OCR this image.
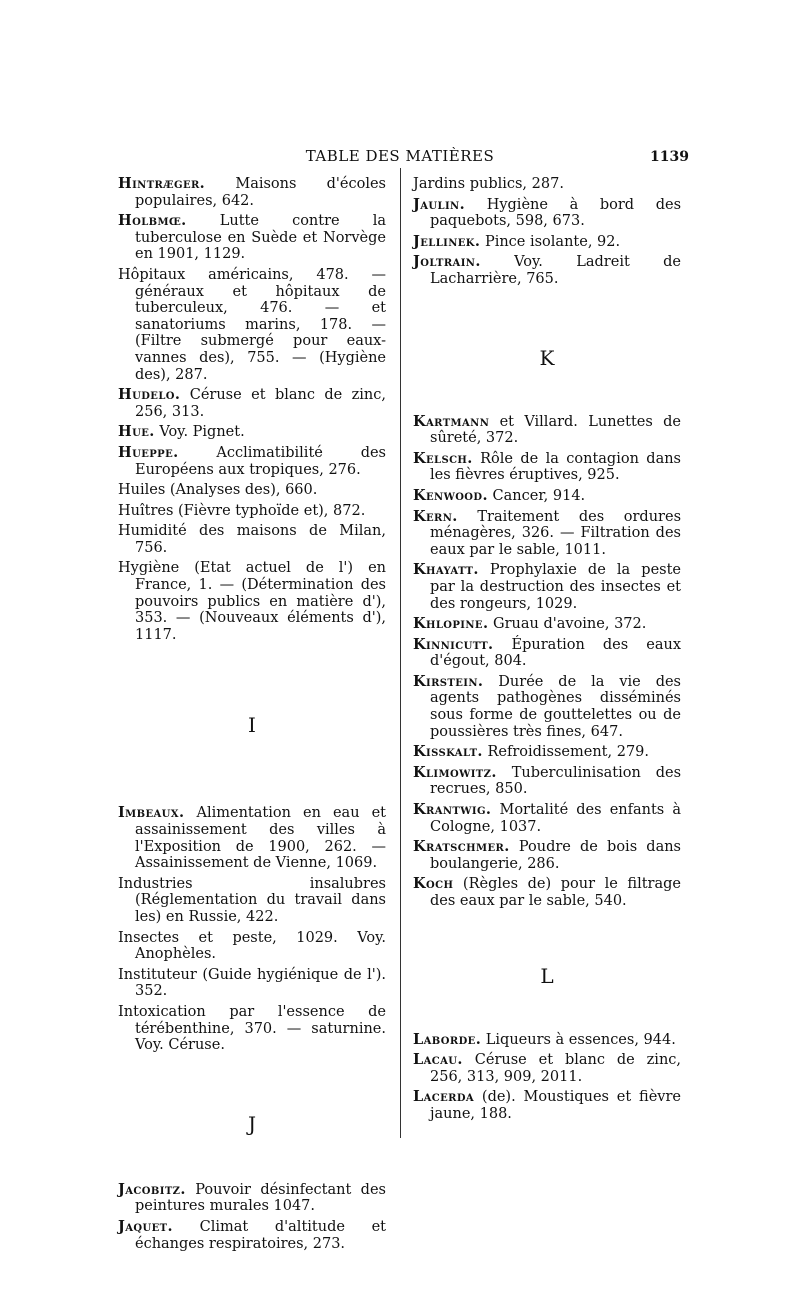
TABLE DES MATIÈRES	1139

Hintræger. Maisons d'écoles populaires, 642.

Holbmœ. Lutte contre la tuberculose en Suède et Norvège en 1901, 1129.

Hôpitaux américains, 478. — généraux et hôpitaux de tuberculeux, 476. — et sanatoriums marins, 178. — (Filtre submergé pour eaux-vannes des), 755. — (Hygiène des), 287.

Hudelo. Céruse et blanc de zinc, 256, 313.

Hue. Voy. Pignet.

Hueppe.	Acclimatibilité des Européens aux tropiques, 276.

Huiles (Analyses des), 660.

Huîtres (Fièvre typhoïde et), 872.

Humidité des maisons de Milan, 756.

Hygiène (Etat actuel de l') en France, 1. — (Détermination des pouvoirs publics en matière d'), 353. — (Nouveaux éléments d'), 1117.

I

Imbeaux. Alimentation en eau et assainissement des villes à l'Exposition de 1900, 262. — Assainissement de Vienne, 1069.

Industries insalubres (Réglementation du travail dans les) en Russie, 422.

Insectes et peste, 1029. Voy. Anophèles.

Instituteur (Guide hygiénique de l'). 352.

Intoxication par l'essence de térébenthine, 370. — saturnine. Voy. Céruse.

J

Jacobitz. Pouvoir désinfectant des peintures murales 1047.

Jaquet. Climat d'altitude et échanges respiratoires, 273.

Jardins publics, 287.

Jaulin. Hygiène à bord des paquebots, 598, 673.

Jellinek. Pince isolante, 92.

Joltrain. Voy. Ladreit de Lacharrière, 765.

K

Kartmann et Villard. Lunettes de sûreté, 372.

Kelsch. Rôle de la contagion dans les fièvres éruptives, 925.

Kenwood. Cancer, 914.

Kern. Traitement des ordures ménagères, 326. — Filtration des eaux par le sable, 1011.

Khayatt. Prophylaxie de la peste par la destruction des insectes et des rongeurs, 1029.

Khlopine. Gruau d'avoine, 372.

Kinnicutt. Épuration des eaux d'égout, 804.

Kirstein. Durée de la vie des agents pathogènes disséminés sous forme de gouttelettes ou de poussières très fines, 647.

Kisskalt. Refroidissement, 279.

Klimowitz. Tuberculinisation des recrues, 850.

Krantwig. Mortalité des enfants à Cologne, 1037.

Kratschmer. Poudre de bois dans boulangerie, 286.

Koch (Règles de) pour le filtrage des eaux par le sable, 540.

L

Laborde. Liqueurs à essences, 944.

Lacau. Céruse et blanc de zinc, 256, 313, 909, 2011.

Lacerda (de). Moustiques et fièvre jaune, 188.
